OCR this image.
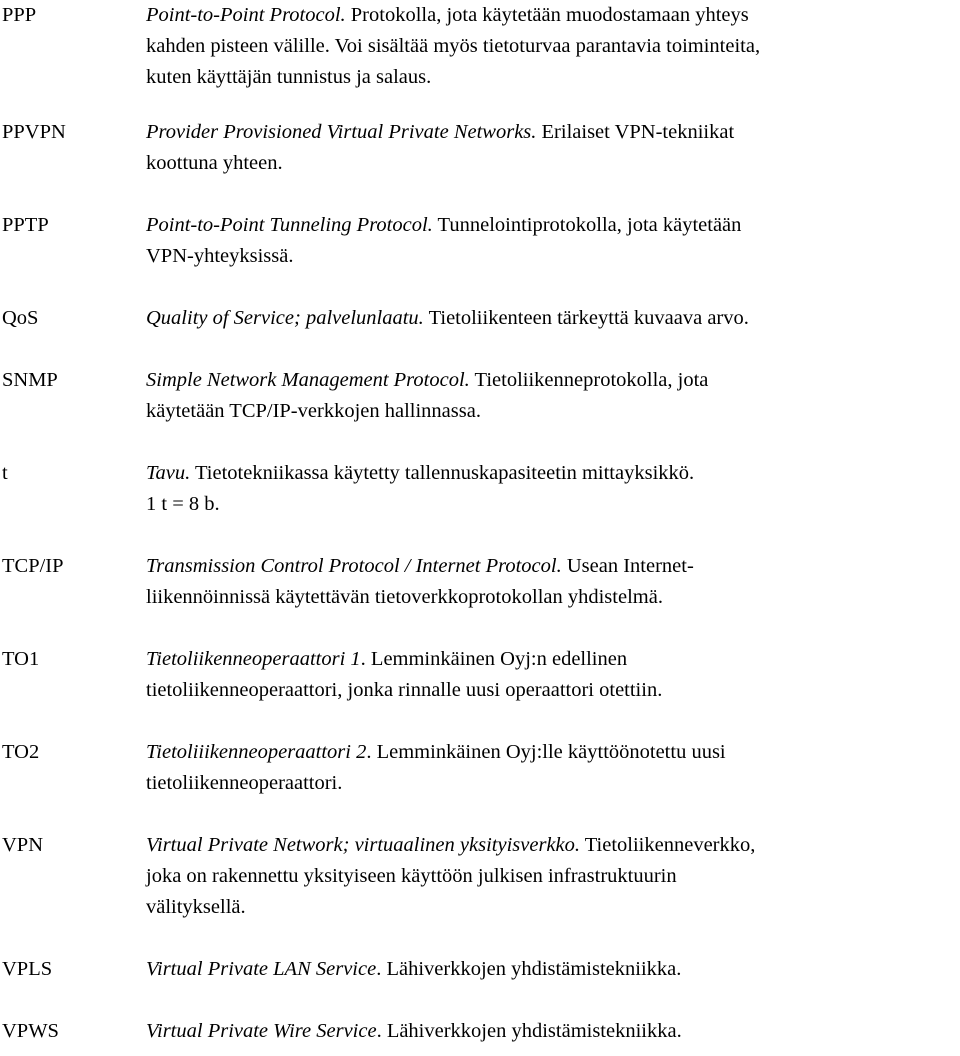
PPP	Point-to-Point Protocol. Protokolla, jota käytetään muodostamaan yhteys
kahden pisteen välille. Voi sisältää myös tietoturvaa parantavia toiminteita,
kuten käyttäjän tunnistus ja salaus.
PPVPN	Provider Provisioned Virtual Private Networks. Erilaiset VPN-tekniikat
koottuna yhteen.
PPTP	Point-to-Point Tunneling Protocol. Tunnelointiprotokolla, jota käytetään
VPN-yhteyksissä.
QoS	Quality of Service; palvelunlaatu. Tietoliikenteen tärkeyttä kuvaava arvo.
SNMP	Simple Network Management Protocol. Tietoliikenneprotokolla, jota
käytetään TCP/IP-verkkojen hallinnassa.
t	Tavu. Tietotekniikassa käytetty tallennuskapasiteetin mittayksikkö.
1 t = 8 b.
TCP/IP	Transmission Control Protocol / Internet Protocol. Usean Internet-
liikennöinnissä käytettävän tietoverkkoprotokollan yhdistelmä.
TO1	Tietoliikenneoperaattori 1. Lemminkäinen Oyj:n edellinen
tietoliikenneoperaattori, jonka rinnalle uusi operaattori otettiin.
TO2	Tietoliiikenneoperaattori 2. Lemminkäinen Oyj:lle käyttöönotettu uusi
tietoliikenneoperaattori.
VPN	Virtual Private Network; virtuaalinen yksityisverkko. Tietoliikenneverkko,
joka on rakennettu yksityiseen käyttöön julkisen infrastruktuurin
välityksellä.
VPLS	Virtual Private LAN Service. Lähiverkkojen yhdistämistekniikka.
VPWS	Virtual Private Wire Service. Lähiverkkojen yhdistämistekniikka.
